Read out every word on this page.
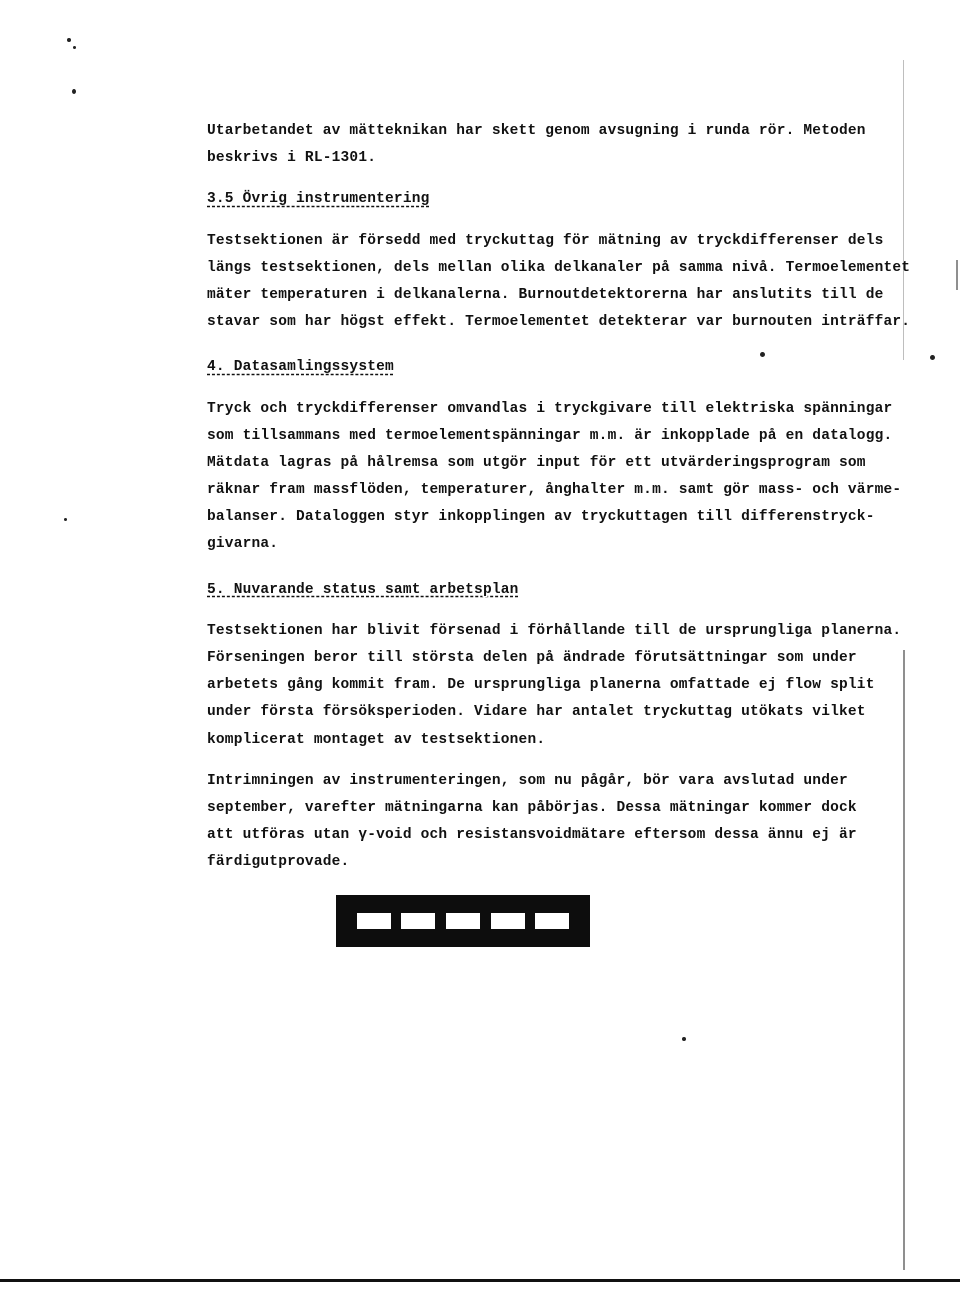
Utarbetandet av mätteknikan har skett genom avsugning i runda rör. Metoden
beskrivs i RL-1301.
3.5 Övrig instrumentering
Testsektionen är försedd med tryckuttag för mätning av tryckdifferenser dels
längs testsektionen, dels mellan olika delkanaler på samma nivå. Termoelementet
mäter temperaturen i delkanalerna. Burnoutdetektorerna har anslutits till de
stavar som har högst effekt. Termoelementet detekterar var burnouten inträffar.
4. Datasamlingssystem
Tryck och tryckdifferenser omvandlas i tryckgivare till elektriska spänningar
som tillsammans med termoelementspänningar m.m. är inkopplade på en datalogg.
Mätdata lagras på hålremsa som utgör input för ett utvärderingsprogram som
räknar fram massflöden, temperaturer, ånghalter m.m. samt gör mass- och värme-
balanser. Dataloggen styr inkopplingen av tryckuttagen till differenstryck-
givarna.
5. Nuvarande status samt arbetsplan
Testsektionen har blivit försenad i förhållande till de ursprungliga planerna.
Förseningen beror till största delen på ändrade förutsättningar som under
arbetets gång kommit fram. De ursprungliga planerna omfattade ej flow split
under första försöksperioden. Vidare har antalet tryckuttag utökats vilket
komplicerat montaget av testsektionen.
Intrimningen av instrumenteringen, som nu pågår, bör vara avslutad under
september, varefter mätningarna kan påbörjas. Dessa mätningar kommer dock
att utföras utan γ-void och resistansvoidmätare eftersom dessa ännu ej är
färdigutprovade.
